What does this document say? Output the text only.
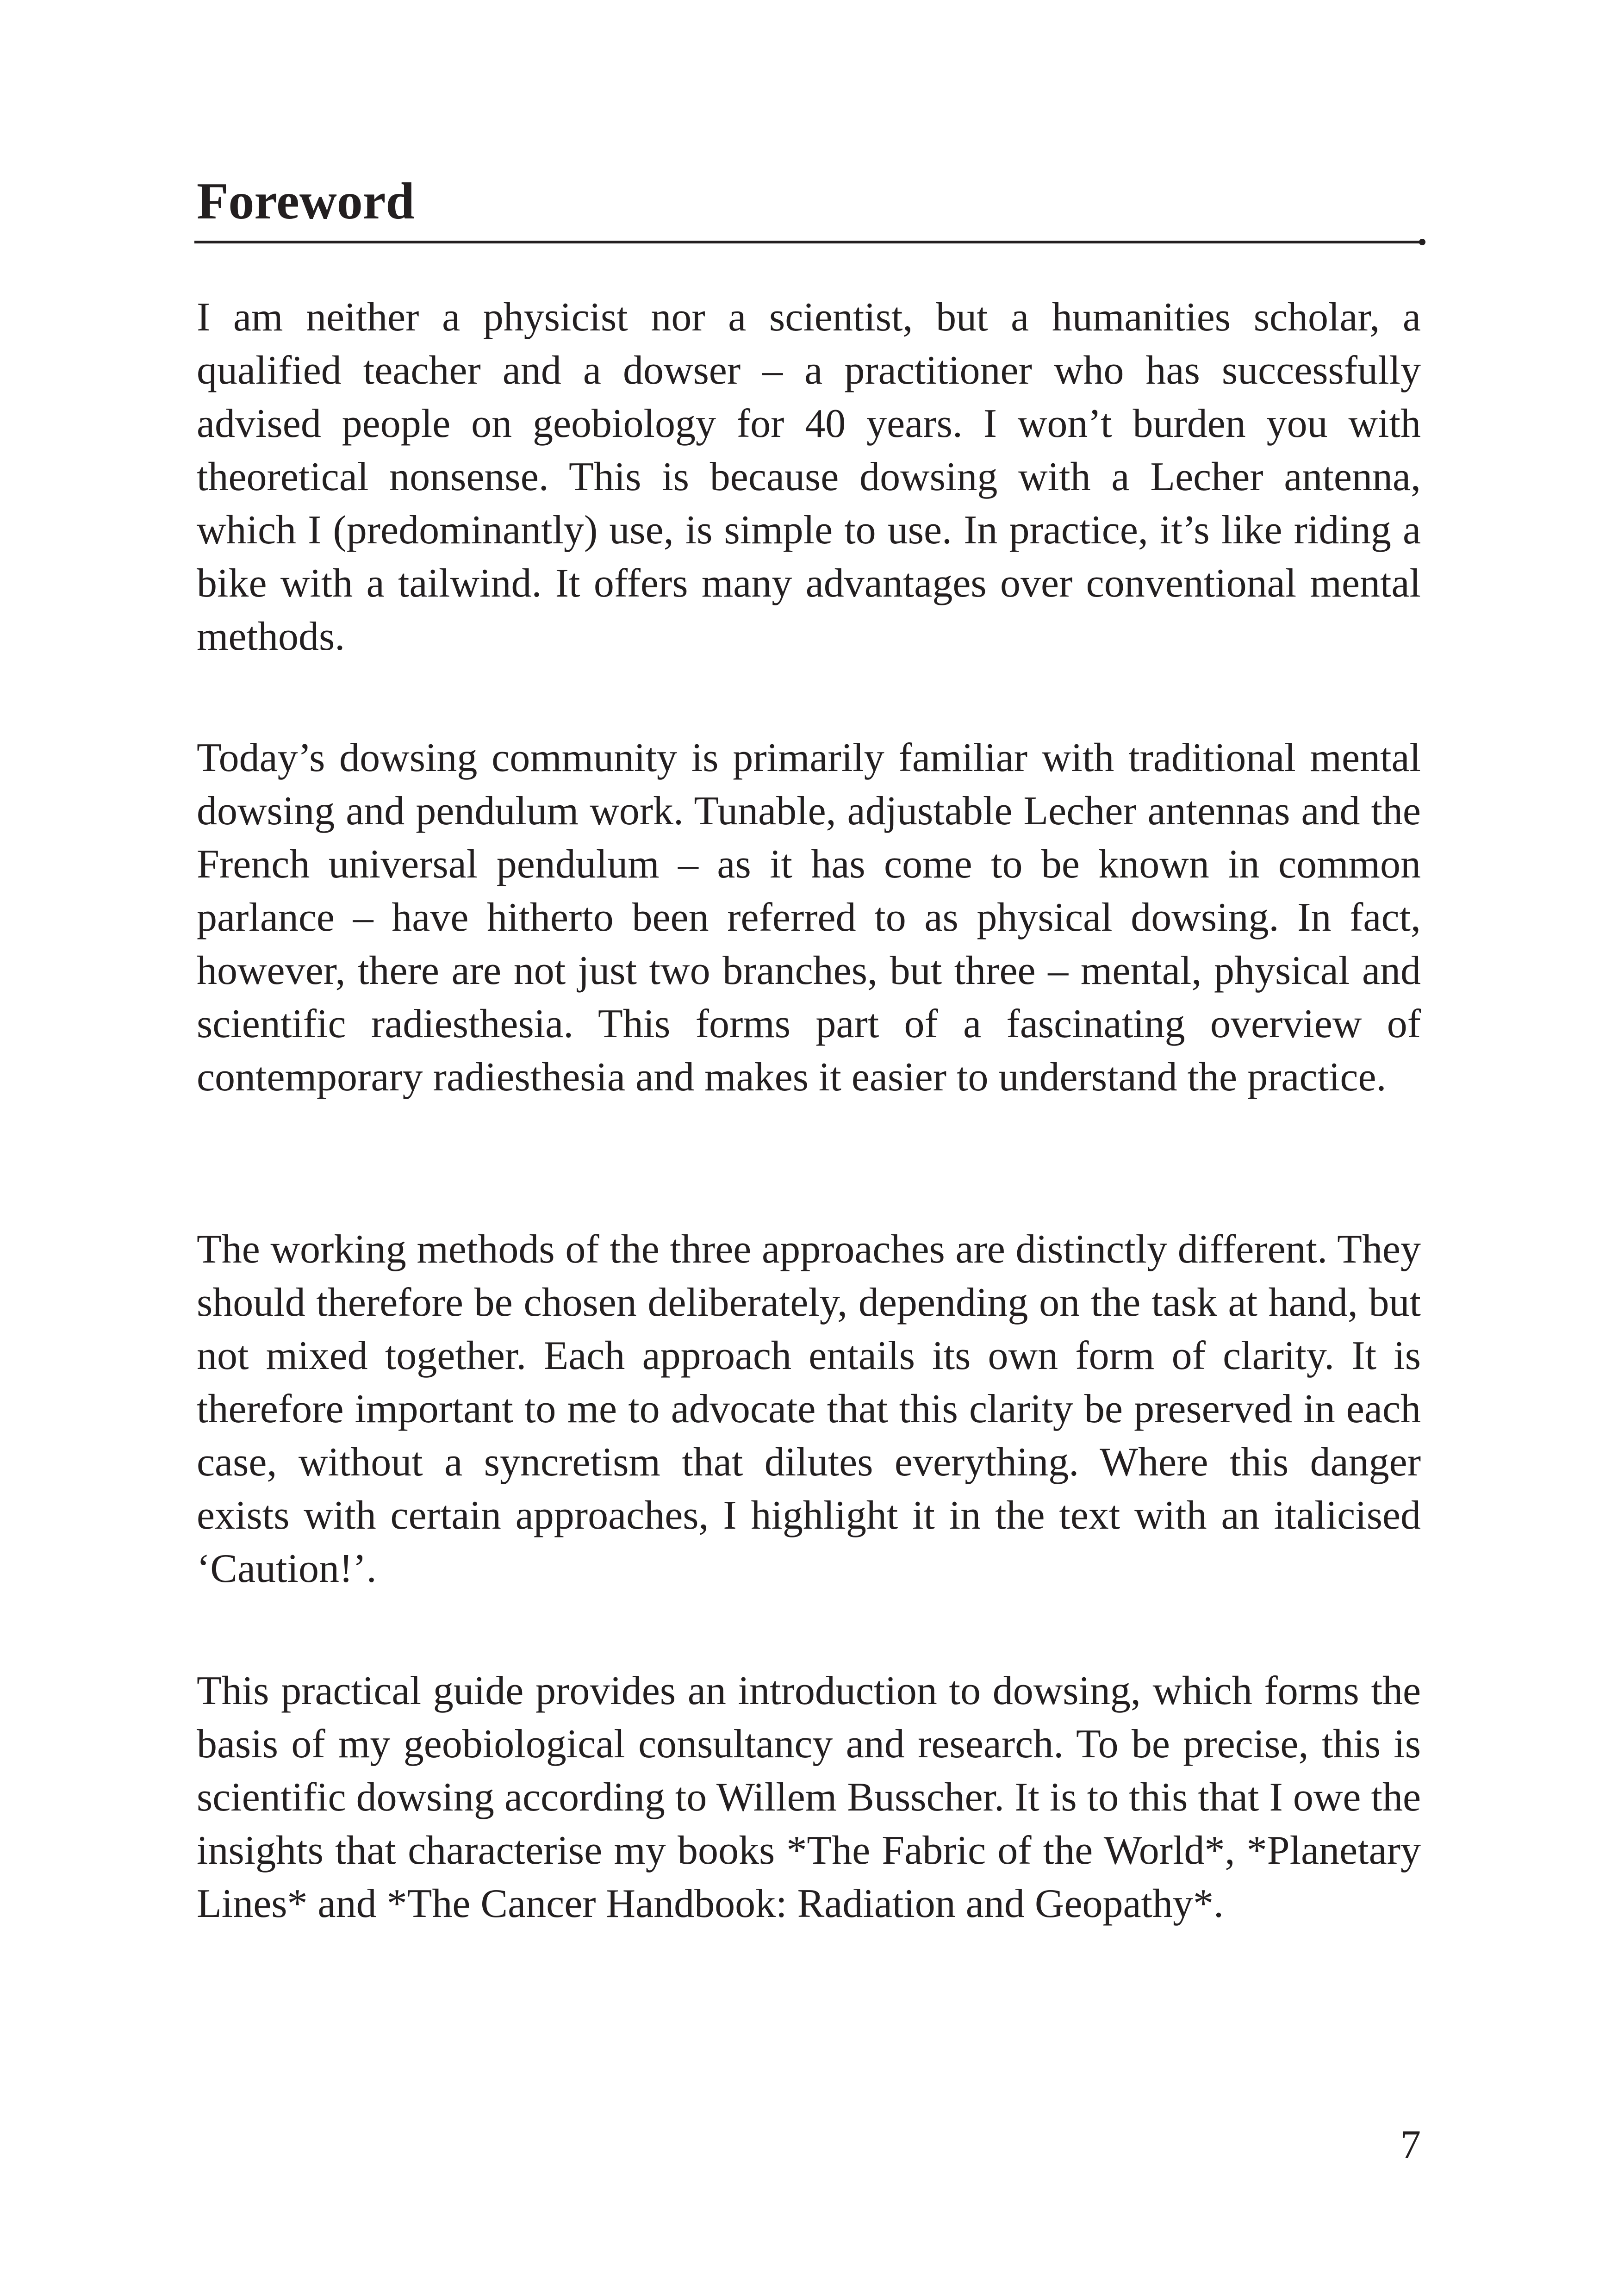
Foreword

I am neither a physicist nor a scientist, but a humanities scholar, a qualified teacher and a dowser – a practitioner who has successfully advised people on geobiology for 40 years. I won’t burden you with theoretical nonsense. This is because dowsing with a Lecher antenna, which I (predominantly) use, is simple to use. In practice, it’s like riding a bike with a tailwind. It offers many advantages over conventional mental methods.

Today’s dowsing community is primarily familiar with traditional mental dowsing and pendulum work. Tunable, adjustable Lecher antennas and the French universal pendulum – as it has come to be known in common parlance – have hitherto been referred to as physical dowsing. In fact, however, there are not just two branches, but three – mental, physical and scientific radiesthesia. This forms part of a fascinating overview of contemporary radiesthesia and makes it easier to understand the practice.

The working methods of the three approaches are distinctly different. They should therefore be chosen deliberately, depending on the task at hand, but not mixed together. Each approach entails its own form of clarity. It is therefore important to me to advocate that this clarity be preserved in each case, without a syncretism that dilutes everything. Where this danger exists with certain approaches, I highlight it in the text with an italicised ‘Caution!’.

This practical guide provides an introduction to dowsing, which forms the basis of my geobiological consultancy and research. To be precise, this is scientific dowsing according to Willem Busscher. It is to this that I owe the insights that characterise my books *The Fabric of the World*, *Planetary Lines* and *The Cancer Handbook: Radiation and Geopathy*.

7
